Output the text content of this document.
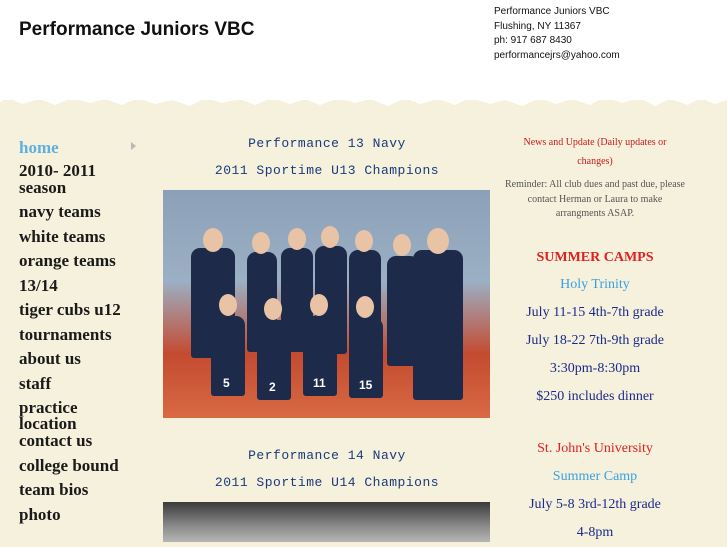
Performance Juniors VBC
Performance Juniors VBC
Flushing, NY 11367
ph: 917 687 8430
performancejrs@yahoo.com
home
2010- 2011
season
navy teams
white teams
orange teams
13/14
tiger cubs u12
tournaments
about us
staff
practice
location
contact us
college bound
team bios
photo
Performance 13 Navy
2011 Sportime U13 Champions
5	2	11	15
Performance 14 Navy
2011 Sportime U14 Champions
News and Update (Daily updates or
changes)
Reminder: All club dues and past due, please contact Herman or Laura to make arrangments ASAP.
SUMMER CAMPS
Holy Trinity
July 11-15 4th-7th grade
July 18-22 7th-9th grade
3:30pm-8:30pm
$250 includes dinner
St. John's University
Summer Camp
July 5-8 3rd-12th grade
4-8pm
